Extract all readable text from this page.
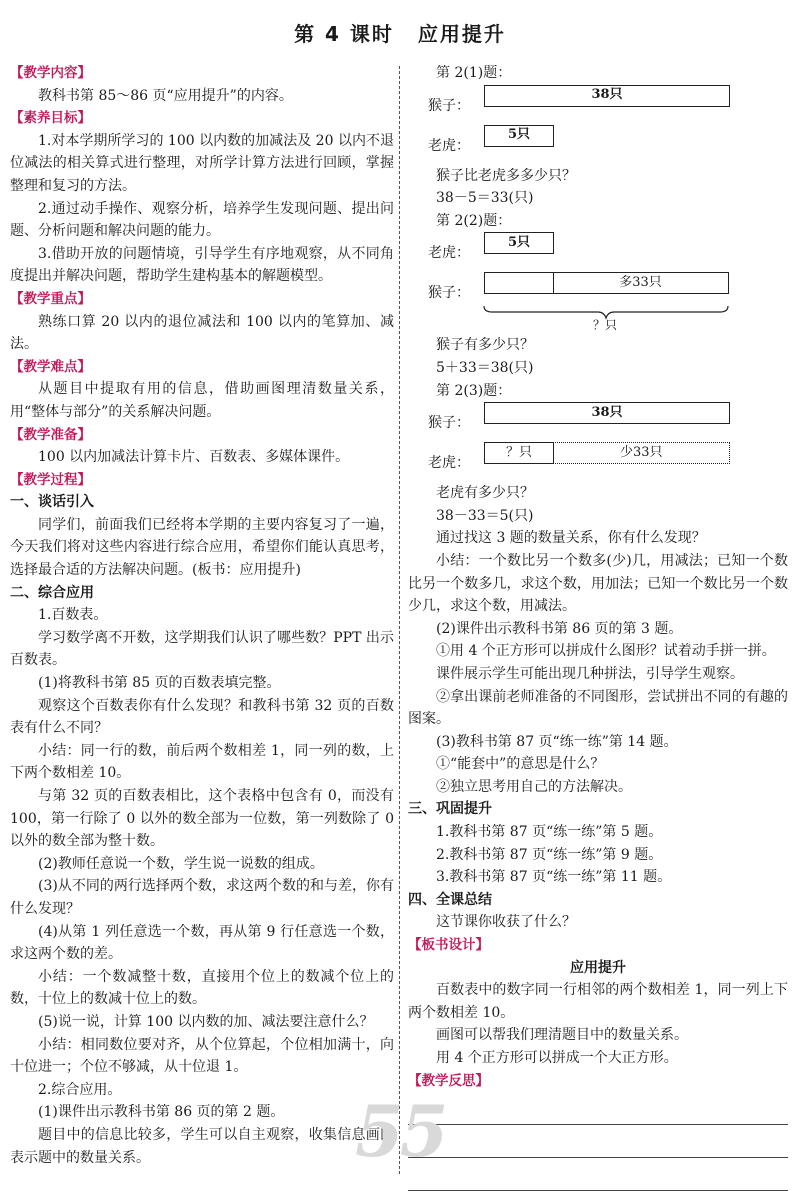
第 4 课时 应用提升
【教学内容】

教科书第 85～86 页“应用提升”的内容。

【素养目标】

1.对本学期所学习的 100 以内数的加减法及 20 以内不退位减法的相关算式进行整理，对所学计算方法进行回顾，掌握整理和复习的方法。

2.通过动手操作、观察分析，培养学生发现问题、提出问题、分析问题和解决问题的能力。

3.借助开放的问题情境，引导学生有序地观察，从不同角度提出并解决问题，帮助学生建构基本的解题模型。

【教学重点】

熟练口算 20 以内的退位减法和 100 以内的笔算加、减法。

【教学难点】

从题目中提取有用的信息，借助画图理清数量关系，用“整体与部分”的关系解决问题。

【教学准备】

100 以内加减法计算卡片、百数表、多媒体课件。

【教学过程】
一、谈话引入

同学们，前面我们已经将本学期的主要内容复习了一遍，今天我们将对这些内容进行综合应用，希望你们能认真思考，选择最合适的方法解决问题。(板书：应用提升)

二、综合应用

1.百数表。

学习数学离不开数，这学期我们认识了哪些数？PPT 出示百数表。

(1)将教科书第 85 页的百数表填完整。

观察这个百数表你有什么发现？和教科书第 32 页的百数表有什么不同？

小结：同一行的数，前后两个数相差 1，同一列的数，上下两个数相差 10。

与第 32 页的百数表相比，这个表格中包含有 0，而没有 100，第一行除了 0 以外的数全部为一位数，第一列数除了 0 以外的数全部为整十数。

(2)教师任意说一个数，学生说一说数的组成。

(3)从不同的两行选择两个数，求这两个数的和与差，你有什么发现？

(4)从第 1 列任意选一个数，再从第 9 行任意选一个数，求这两个数的差。

小结：一个数减整十数，直接用个位上的数减个位上的数，十位上的数减十位上的数。

(5)说一说，计算 100 以内数的加、减法要注意什么？

小结：相同数位要对齐，从个位算起，个位相加满十，向十位进一；个位不够减，从十位退 1。

2.综合应用。

(1)课件出示教科书第 86 页的第 2 题。

题目中的信息比较多，学生可以自主观察，收集信息画图表示题中的数量关系。

第 2(1)题：

猴子：
38只
老虎：
5只

猴子比老虎多多少只？

38－5＝33(只)

第 2(2)题：

老虎：
5只
猴子：
多33只
？只

猴子有多少只？

5＋33＝38(只)

第 2(3)题：

猴子：
38只
老虎：
？只	少33只

老虎有多少只？

38－33＝5(只)

通过找这 3 题的数量关系，你有什么发现？

小结：一个数比另一个数多(少)几，用减法；已知一个数比另一个数多几，求这个数，用加法；已知一个数比另一个数少几，求这个数，用减法。

(2)课件出示教科书第 86 页的第 3 题。

①用 4 个正方形可以拼成什么图形？试着动手拼一拼。

课件展示学生可能出现几种拼法，引导学生观察。

②拿出课前老师准备的不同图形，尝试拼出不同的有趣的图案。

(3)教科书第 87 页“练一练”第 14 题。

①“能套中”的意思是什么？

②独立思考用自己的方法解决。

三、巩固提升

1.教科书第 87 页“练一练”第 5 题。

2.教科书第 87 页“练一练”第 9 题。

3.教科书第 87 页“练一练”第 11 题。

四、全课总结

这节课你收获了什么？

【板书设计】

应用提升

百数表中的数字同一行相邻的两个数相差 1，同一列上下两个数相差 10。

画图可以帮我们理清题目中的数量关系。

用 4 个正方形可以拼成一个大正方形。

【教学反思】
55
